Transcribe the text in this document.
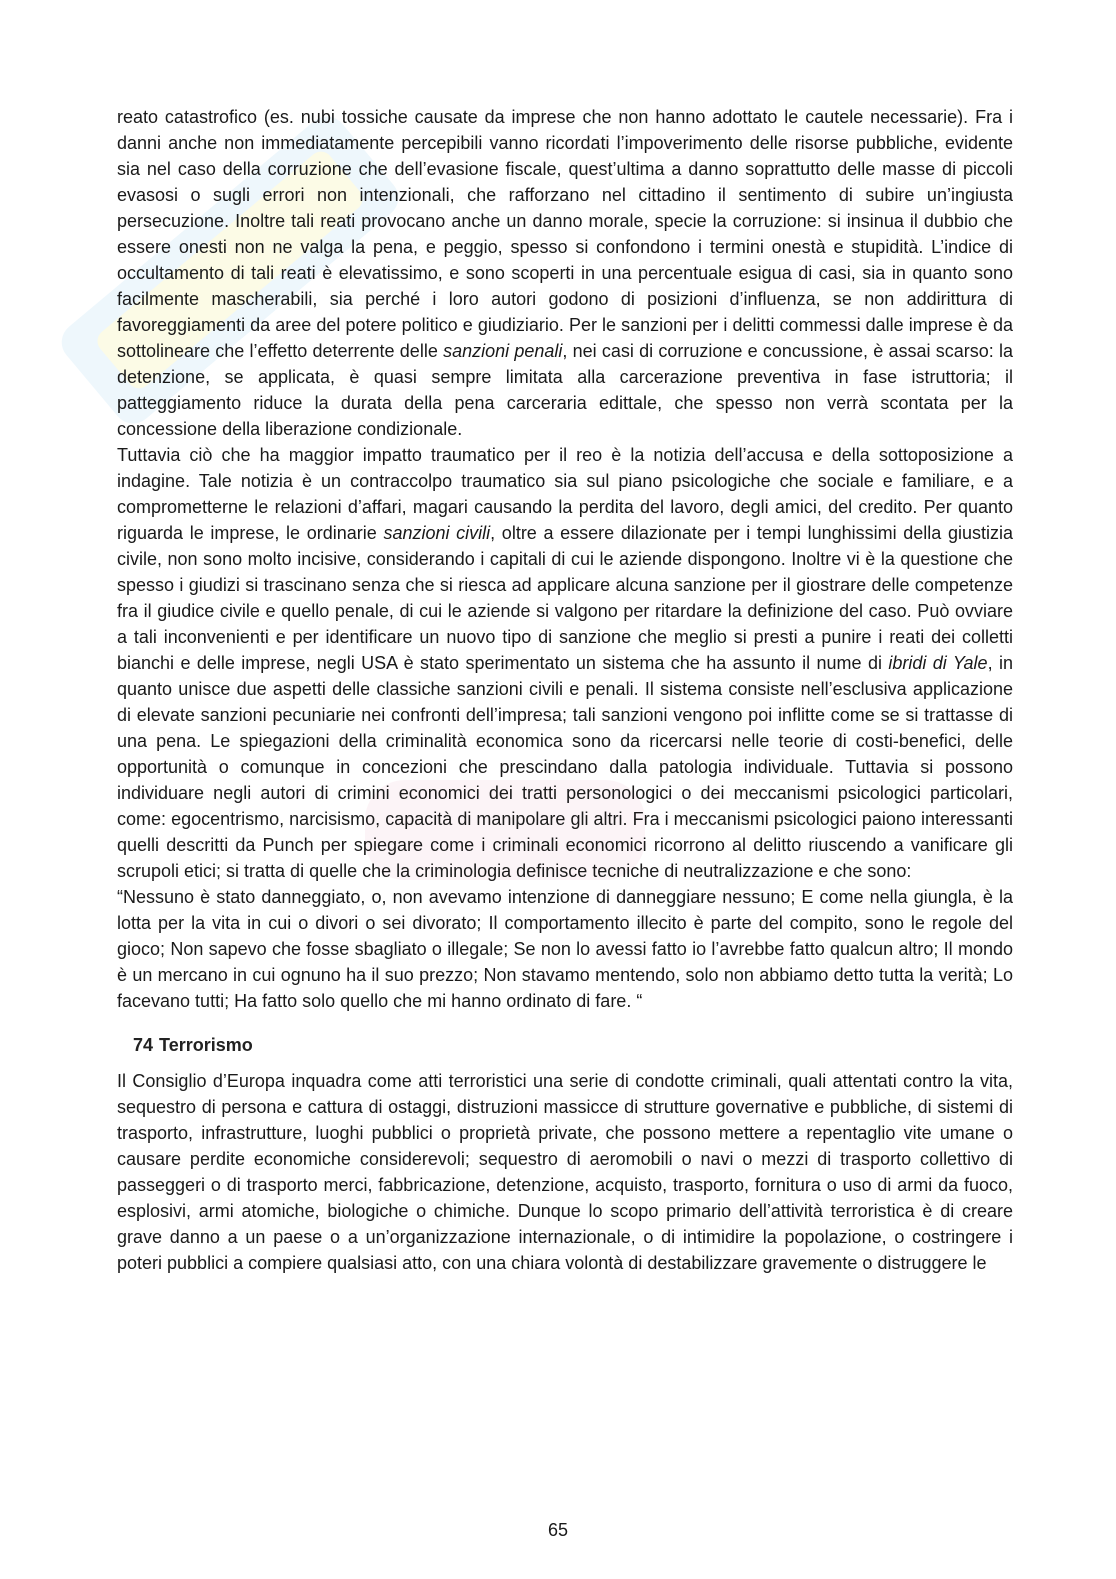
reato catastrofico (es. nubi tossiche causate da imprese che non hanno adottato le cautele necessarie). Fra i danni anche non immediatamente percepibili vanno ricordati l’impoverimento delle risorse pubbliche, evidente sia nel caso della corruzione che dell’evasione fiscale, quest’ultima a danno soprattutto delle masse di piccoli evasosi o sugli errori non intenzionali, che rafforzano nel cittadino il sentimento di subire un’ingiusta persecuzione. Inoltre tali reati provocano anche un danno morale, specie la corruzione: si insinua il dubbio che essere onesti non ne valga la pena, e peggio, spesso si confondono i termini onestà e stupidità. L’indice di occultamento di tali reati è elevatissimo, e sono scoperti in una percentuale esigua di casi, sia in quanto sono facilmente mascherabili, sia perché i loro autori godono di posizioni d’influenza, se non addirittura di favoreggiamenti da aree del potere politico e giudiziario. Per le sanzioni per i delitti commessi dalle imprese è da sottolineare che l’effetto deterrente delle sanzioni penali, nei casi di corruzione e concussione, è assai scarso: la detenzione, se applicata, è quasi sempre limitata alla carcerazione preventiva in fase istruttoria; il patteggiamento riduce la durata della pena carceraria edittale, che spesso non verrà scontata per la concessione della liberazione condizionale.

Tuttavia ciò che ha maggior impatto traumatico per il reo è la notizia dell’accusa e della sottoposizione a indagine. Tale notizia è un contraccolpo traumatico sia sul piano psicologiche che sociale e familiare, e a comprometterne le relazioni d’affari, magari causando la perdita del lavoro, degli amici, del credito. Per quanto riguarda le imprese, le ordinarie sanzioni civili, oltre a essere dilazionate per i tempi lunghissimi della giustizia civile, non sono molto incisive, considerando i capitali di cui le aziende dispongono. Inoltre vi è la questione che spesso i giudizi si trascinano senza che si riesca ad applicare alcuna sanzione per il giostrare delle competenze fra il giudice civile e quello penale, di cui le aziende si valgono per ritardare la definizione del caso. Può ovviare a tali inconvenienti e per identificare un nuovo tipo di sanzione che meglio si presti a punire i reati dei colletti bianchi e delle imprese, negli USA è stato sperimentato un sistema che ha assunto il nume di ibridi di Yale, in quanto unisce due aspetti delle classiche sanzioni civili e penali. Il sistema consiste nell’esclusiva applicazione di elevate sanzioni pecuniarie nei confronti dell’impresa; tali sanzioni vengono poi inflitte come se si trattasse di una pena. Le spiegazioni della criminalità economica sono da ricercarsi nelle teorie di costi-benefici, delle opportunità o comunque in concezioni che prescindano dalla patologia individuale. Tuttavia si possono individuare negli autori di crimini economici dei tratti personologici o dei meccanismi psicologici particolari, come: egocentrismo, narcisismo, capacità di manipolare gli altri. Fra i meccanismi psicologici paiono interessanti quelli descritti da Punch per spiegare come i criminali economici ricorrono al delitto riuscendo a vanificare gli scrupoli etici; si tratta di quelle che la criminologia definisce tecniche di neutralizzazione e che sono:

“Nessuno è stato danneggiato, o, non avevamo intenzione di danneggiare nessuno; E come nella giungla, è la lotta per la vita in cui o divori o sei divorato; Il comportamento illecito è parte del compito, sono le regole del gioco; Non sapevo che fosse sbagliato o illegale; Se non lo avessi fatto io l’avrebbe fatto qualcun altro; Il mondo è un mercano in cui ognuno ha il suo prezzo; Non stavamo mentendo, solo non abbiamo detto tutta la verità; Lo facevano tutti; Ha fatto solo quello che mi hanno ordinato di fare. “

74 Terrorismo

Il Consiglio d’Europa inquadra come atti terroristici una serie di condotte criminali, quali attentati contro la vita, sequestro di persona e cattura di ostaggi, distruzioni massicce di strutture governative e pubbliche, di sistemi di trasporto, infrastrutture, luoghi pubblici o proprietà private, che possono mettere a repentaglio vite umane o causare perdite economiche considerevoli; sequestro di aeromobili o navi o mezzi di trasporto collettivo di passeggeri o di trasporto merci, fabbricazione, detenzione, acquisto, trasporto, fornitura o uso di armi da fuoco, esplosivi, armi atomiche, biologiche o chimiche. Dunque lo scopo primario dell’attività terroristica è di creare grave danno a un paese o a un’organizzazione internazionale, o di intimidire la popolazione, o costringere i poteri pubblici a compiere qualsiasi atto, con una chiara volontà di destabilizzare gravemente o distruggere le

65
